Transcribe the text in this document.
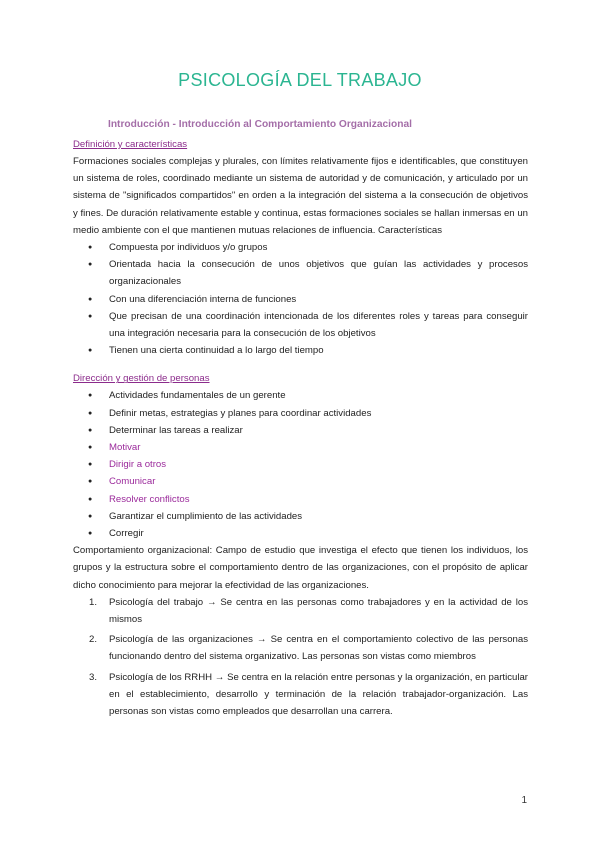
PSICOLOGÍA DEL TRABAJO
Introducción - Introducción al Comportamiento Organizacional

Definición y características

Formaciones sociales complejas y plurales, con límites relativamente fijos e identificables, que constituyen un sistema de roles, coordinado mediante un sistema de autoridad y de comunicación, y articulado por un sistema de "significados compartidos" en orden a la integración del sistema a la consecución de objetivos y fines. De duración relativamente estable y continua, estas formaciones sociales se hallan inmersas en un medio ambiente con el que mantienen mutuas relaciones de influencia. Características

● Compuesta por individuos y/o grupos
● Orientada hacia la consecución de unos objetivos que guían las actividades y procesos organizacionales
● Con una diferenciación interna de funciones
● Que precisan de una coordinación intencionada de los diferentes roles y tareas para conseguir una integración necesaria para la consecución de los objetivos
● Tienen una cierta continuidad a lo largo del tiempo

Dirección y gestión de personas

● Actividades fundamentales de un gerente
● Definir metas, estrategias y planes para coordinar actividades
● Determinar las tareas a realizar
● Motivar
● Dirigir a otros
● Comunicar
● Resolver conflictos
● Garantizar el cumplimiento de las actividades
● Corregir

Comportamiento organizacional: Campo de estudio que investiga el efecto que tienen los individuos, los grupos y la estructura sobre el comportamiento dentro de las organizaciones, con el propósito de aplicar dicho conocimiento para mejorar la efectividad de las organizaciones.

1. Psicología del trabajo → Se centra en las personas como trabajadores y en la actividad de los mismos
2. Psicología de las organizaciones → Se centra en el comportamiento colectivo de las personas funcionando dentro del sistema organizativo. Las personas son vistas como miembros
3. Psicología de los RRHH → Se centra en la relación entre personas y la organización, en particular en el establecimiento, desarrollo y terminación de la relación trabajador-organización. Las personas son vistas como empleados que desarrollan una carrera.
1
